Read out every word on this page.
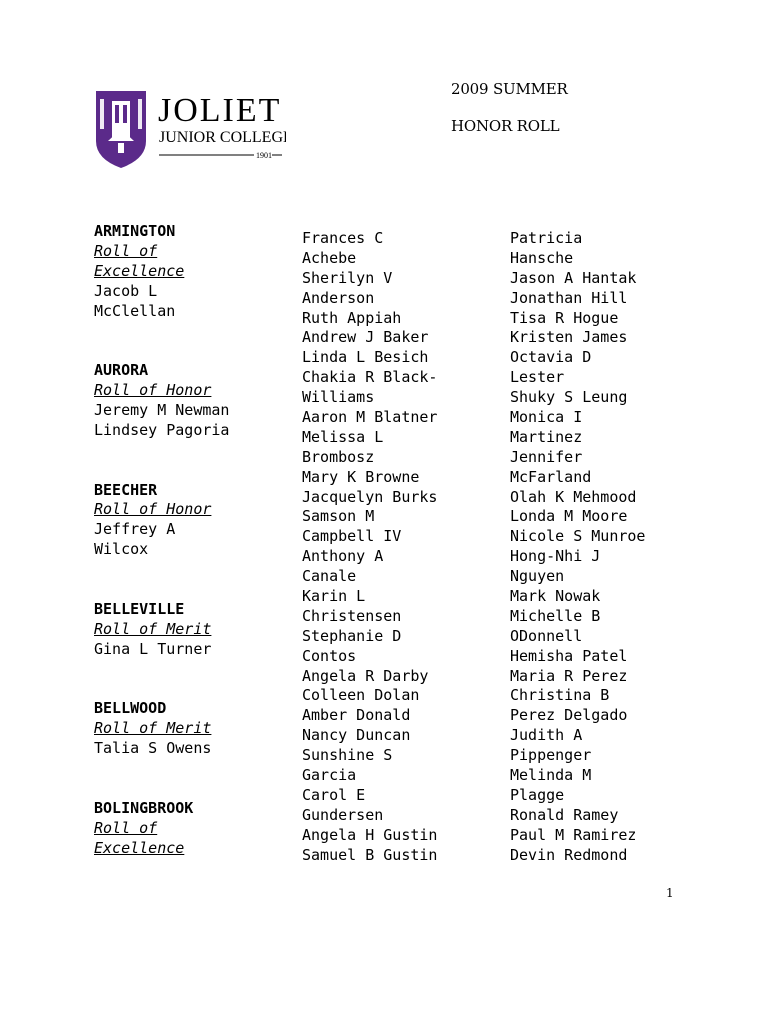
JOLIET
JUNIOR COLLEGE
1901
2009 SUMMER
HONOR ROLL
ARMINGTON
Roll of
Excellence
Jacob L
McClellan
AURORA
Roll of Honor
Jeremy M Newman
Lindsey Pagoria
BEECHER
Roll of Honor
Jeffrey A
Wilcox
BELLEVILLE
Roll of Merit
Gina L Turner
BELLWOOD
Roll of Merit
Talia S Owens
BOLINGBROOK
Roll of
Excellence
Frances C
Achebe
Sherilyn V
Anderson
Ruth Appiah
Andrew J Baker
Linda L Besich
Chakia R Black-
Williams
Aaron M Blatner
Melissa L
Brombosz
Mary K Browne
Jacquelyn Burks
Samson M
Campbell IV
Anthony A
Canale
Karin L
Christensen
Stephanie D
Contos
Angela R Darby
Colleen Dolan
Amber Donald
Nancy Duncan
Sunshine S
Garcia
Carol E
Gundersen
Angela H Gustin
Samuel B Gustin
Patricia
Hansche
Jason A Hantak
Jonathan Hill
Tisa R Hogue
Kristen James
Octavia D
Lester
Shuky S Leung
Monica I
Martinez
Jennifer
McFarland
Olah K Mehmood
Londa M Moore
Nicole S Munroe
Hong-Nhi J
Nguyen
Mark Nowak
Michelle B
ODonnell
Hemisha Patel
Maria R Perez
Christina B
Perez Delgado
Judith A
Pippenger
Melinda M
Plagge
Ronald Ramey
Paul M Ramirez
Devin Redmond
1
